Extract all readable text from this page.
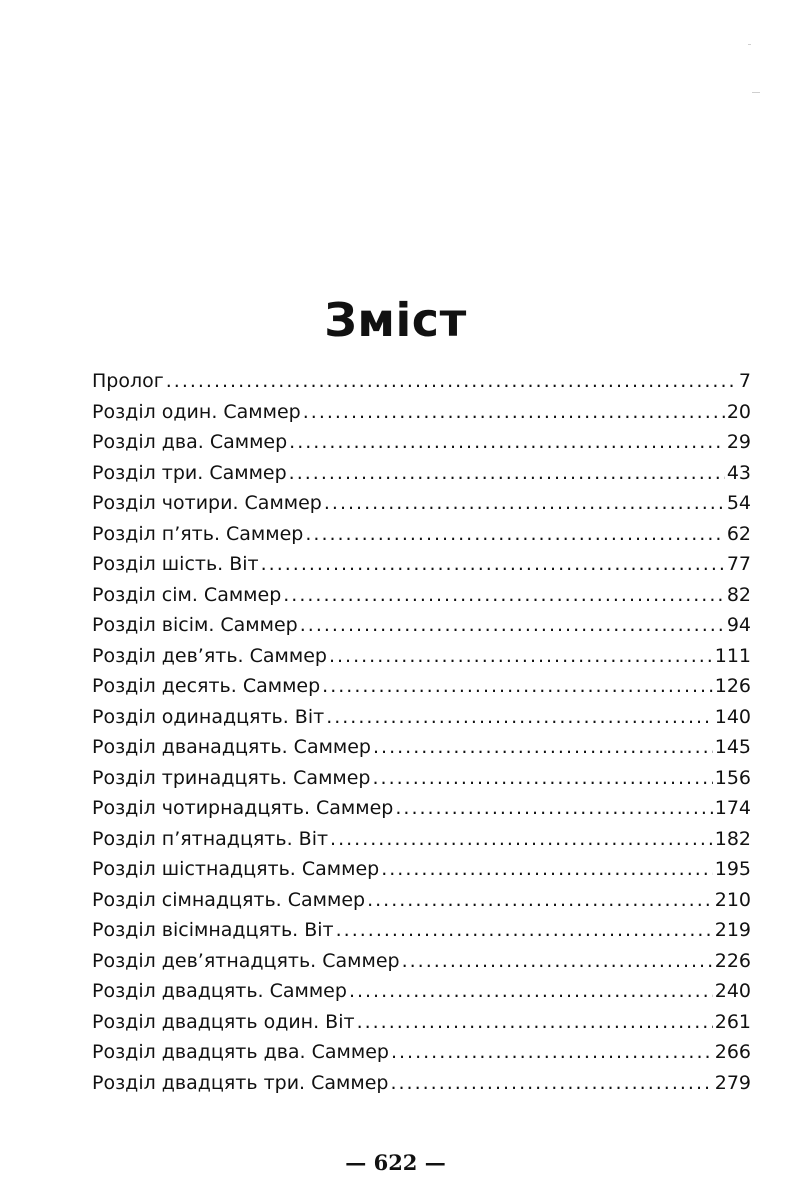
Зміст
Пролог .....	7
Розділ один. Саммер .....	20
Розділ два. Саммер .....	29
Розділ три. Саммер .....	43
Розділ чотири. Саммер .....	54
Розділ п’ять. Саммер .....	62
Розділ шість. Віт .....	77
Розділ сім. Саммер .....	82
Розділ вісім. Саммер .....	94
Розділ дев’ять. Саммер .....	111
Розділ десять. Саммер .....	126
Розділ одинадцять. Віт .....	140
Розділ дванадцять. Саммер .....	145
Розділ тринадцять. Саммер .....	156
Розділ чотирнадцять. Саммер .....	174
Розділ п’ятнадцять. Віт .....	182
Розділ шістнадцять. Саммер .....	195
Розділ сімнадцять. Саммер .....	210
Розділ вісімнадцять. Віт .....	219
Розділ дев’ятнадцять. Саммер .....	226
Розділ двадцять. Саммер .....	240
Розділ двадцять один. Віт .....	261
Розділ двадцять два. Саммер .....	266
Розділ двадцять три. Саммер .....	279
— 622 —
